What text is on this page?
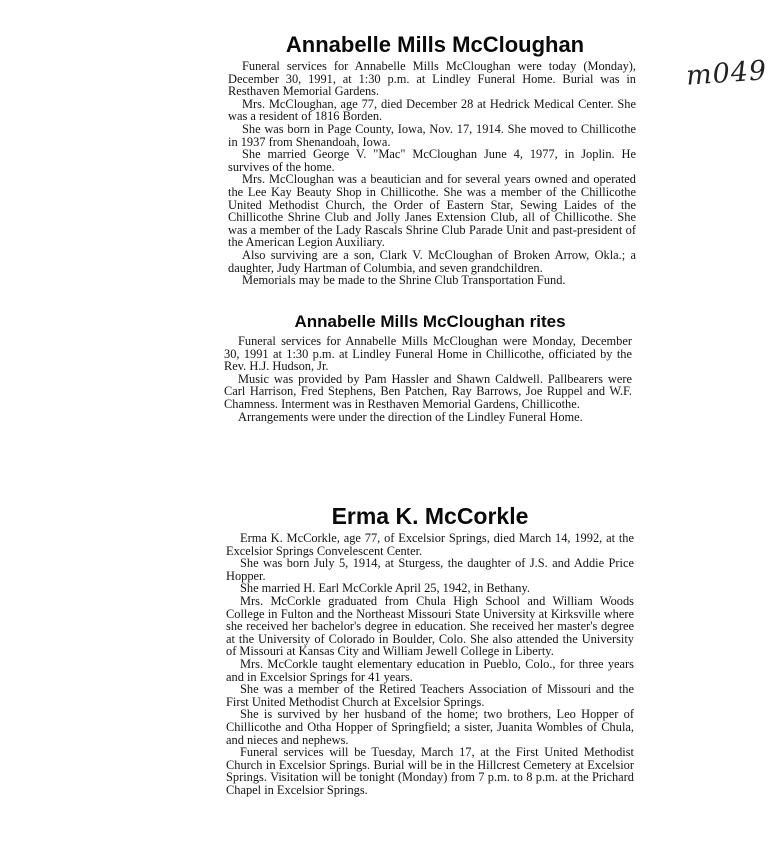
m049
Annabelle Mills McCloughan

Funeral services for Annabelle Mills McCloughan were today (Monday), December 30, 1991, at 1:30 p.m. at Lindley Funeral Home. Burial was in Resthaven Memorial Gardens.

Mrs. McCloughan, age 77, died December 28 at Hedrick Medical Center. She was a resident of 1816 Borden.

She was born in Page County, Iowa, Nov. 17, 1914. She moved to Chillicothe in 1937 from Shenandoah, Iowa.

She married George V. "Mac" McCloughan June 4, 1977, in Joplin. He survives of the home.

Mrs. McCloughan was a beautician and for several years owned and operated the Lee Kay Beauty Shop in Chillicothe. She was a member of the Chillicothe United Methodist Church, the Order of Eastern Star, Sewing Laides of the Chillicothe Shrine Club and Jolly Janes Extension Club, all of Chillicothe. She was a member of the Lady Rascals Shrine Club Parade Unit and past-president of the American Legion Auxiliary.

Also surviving are a son, Clark V. McCloughan of Broken Arrow, Okla.; a daughter, Judy Hartman of Columbia, and seven grandchildren.

Memorials may be made to the Shrine Club Transportation Fund.

Annabelle Mills McCloughan rites

Funeral services for Annabelle Mills McCloughan were Monday, December 30, 1991 at 1:30 p.m. at Lindley Funeral Home in Chillicothe, officiated by the Rev. H.J. Hudson, Jr.

Music was provided by Pam Hassler and Shawn Caldwell. Pallbearers were Carl Harrison, Fred Stephens, Ben Patchen, Ray Barrows, Joe Ruppel and W.F. Chamness. Interment was in Resthaven Memorial Gardens, Chillicothe.

Arrangements were under the direction of the Lindley Funeral Home.

Erma K. McCorkle

Erma K. McCorkle, age 77, of Excelsior Springs, died March 14, 1992, at the Excelsior Springs Convelescent Center.

She was born July 5, 1914, at Sturgess, the daughter of J.S. and Addie Price Hopper.

She married H. Earl McCorkle April 25, 1942, in Bethany.

Mrs. McCorkle graduated from Chula High School and William Woods College in Fulton and the Northeast Missouri State University at Kirksville where she received her bachelor's degree in education. She received her master's degree at the University of Colorado in Boulder, Colo. She also attended the University of Missouri at Kansas City and William Jewell College in Liberty.

Mrs. McCorkle taught elementary education in Pueblo, Colo., for three years and in Excelsior Springs for 41 years.

She was a member of the Retired Teachers Association of Missouri and the First United Methodist Church at Excelsior Springs.

She is survived by her husband of the home; two brothers, Leo Hopper of Chillicothe and Otha Hopper of Springfield; a sister, Juanita Wombles of Chula, and nieces and nephews.

Funeral services will be Tuesday, March 17, at the First United Methodist Church in Excelsior Springs. Burial will be in the Hillcrest Cemetery at Excelsior Springs. Visitation will be tonight (Monday) from 7 p.m. to 8 p.m. at the Prichard Chapel in Excelsior Springs.
